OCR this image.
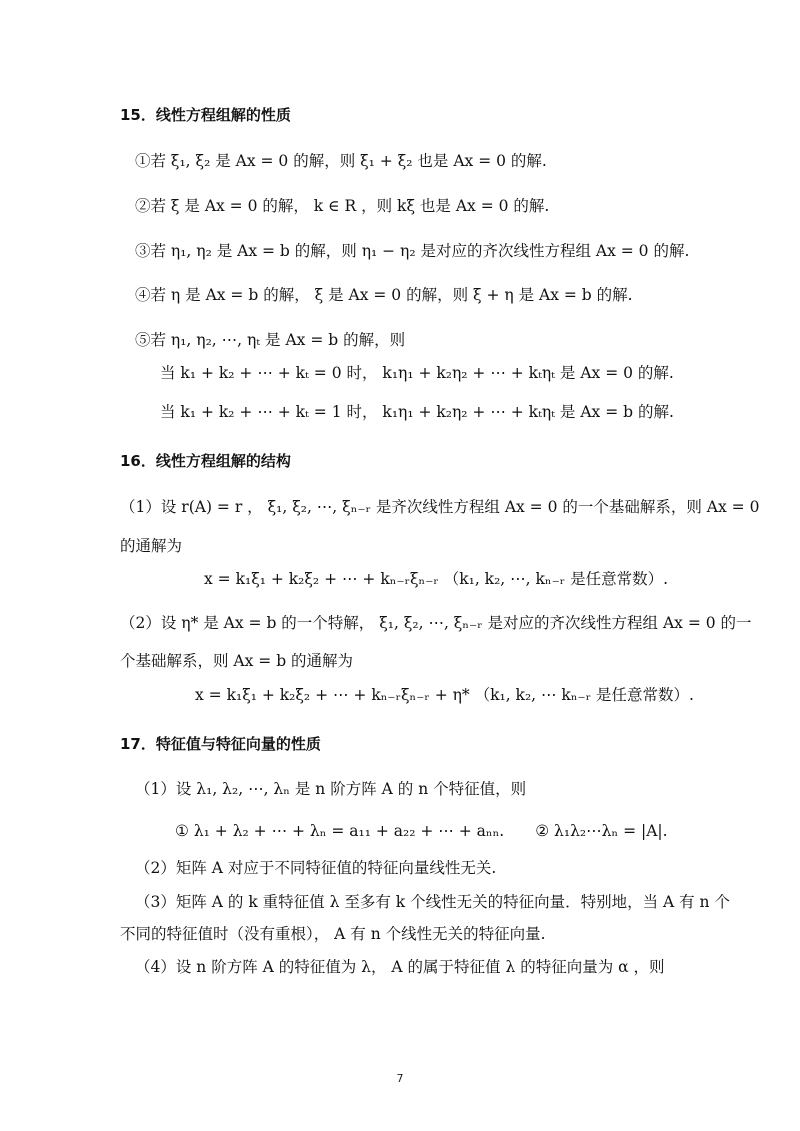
15．线性方程组解的性质
①若 ξ₁, ξ₂ 是 Ax = 0 的解，则 ξ₁ + ξ₂ 也是 Ax = 0 的解.
②若 ξ 是 Ax = 0 的解， k ∈ R ，则 kξ 也是 Ax = 0 的解.
③若 η₁, η₂ 是 Ax = b 的解，则 η₁ − η₂ 是对应的齐次线性方程组 Ax = 0 的解.
④若 η 是 Ax = b 的解， ξ 是 Ax = 0 的解，则 ξ + η 是 Ax = b 的解.
⑤若 η₁, η₂, ⋯, ηₜ 是 Ax = b 的解，则
当 k₁ + k₂ + ⋯ + kₜ = 0 时， k₁η₁ + k₂η₂ + ⋯ + kₜηₜ 是 Ax = 0 的解.
当 k₁ + k₂ + ⋯ + kₜ = 1 时， k₁η₁ + k₂η₂ + ⋯ + kₜηₜ 是 Ax = b 的解.
16．线性方程组解的结构
（1）设 r(A) = r ， ξ₁, ξ₂, ⋯, ξₙ₋ᵣ 是齐次线性方程组 Ax = 0 的一个基础解系，则 Ax = 0
的通解为
x = k₁ξ₁ + k₂ξ₂ + ⋯ + kₙ₋ᵣξₙ₋ᵣ （k₁, k₂, ⋯, kₙ₋ᵣ 是任意常数）.
（2）设 η* 是 Ax = b 的一个特解， ξ₁, ξ₂, ⋯, ξₙ₋ᵣ 是对应的齐次线性方程组 Ax = 0 的一
个基础解系，则 Ax = b 的通解为
x = k₁ξ₁ + k₂ξ₂ + ⋯ + kₙ₋ᵣξₙ₋ᵣ + η* （k₁, k₂, ⋯ kₙ₋ᵣ 是任意常数）.
17．特征值与特征向量的性质
（1）设 λ₁, λ₂, ⋯, λₙ 是 n 阶方阵 A 的 n 个特征值，则
① λ₁ + λ₂ + ⋯ + λₙ = a₁₁ + a₂₂ + ⋯ + aₙₙ.　　② λ₁λ₂⋯λₙ = |A|.
（2）矩阵 A 对应于不同特征值的特征向量线性无关.
（3）矩阵 A 的 k 重特征值 λ 至多有 k 个线性无关的特征向量．特别地，当 A 有 n 个
不同的特征值时（没有重根）， A 有 n 个线性无关的特征向量.
（4）设 n 阶方阵 A 的特征值为 λ， A 的属于特征值 λ 的特征向量为 α ，则
7
